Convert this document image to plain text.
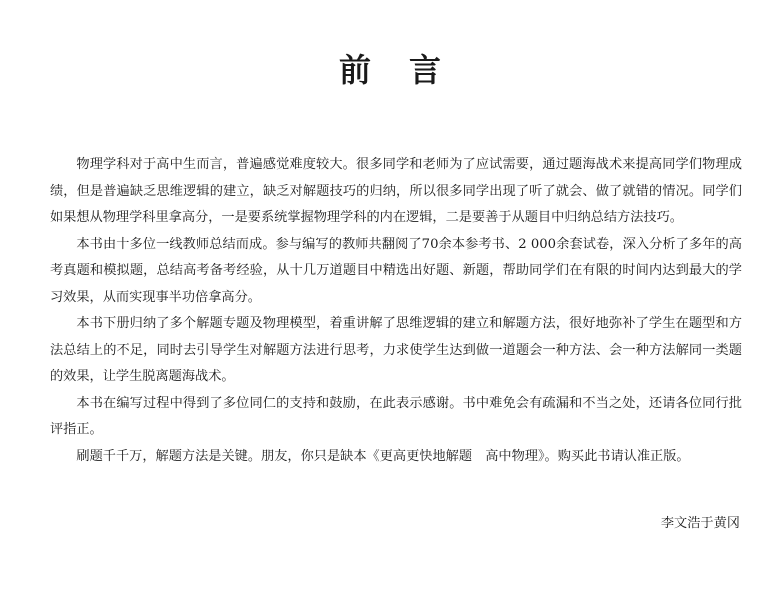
前 言

物理学科对于高中生而言，普遍感觉难度较大。很多同学和老师为了应试需要，通过题海战术来提高同学们物理成绩，但是普遍缺乏思维逻辑的建立，缺乏对解题技巧的归纳，所以很多同学出现了听了就会、做了就错的情况。同学们如果想从物理学科里拿高分，一是要系统掌握物理学科的内在逻辑，二是要善于从题目中归纳总结方法技巧。

本书由十多位一线教师总结而成。参与编写的教师共翻阅了70余本参考书、2 000余套试卷，深入分析了多年的高考真题和模拟题，总结高考备考经验，从十几万道题目中精选出好题、新题，帮助同学们在有限的时间内达到最大的学习效果，从而实现事半功倍拿高分。

本书下册归纳了多个解题专题及物理模型，着重讲解了思维逻辑的建立和解题方法，很好地弥补了学生在题型和方法总结上的不足，同时去引导学生对解题方法进行思考，力求使学生达到做一道题会一种方法、会一种方法解同一类题的效果，让学生脱离题海战术。

本书在编写过程中得到了多位同仁的支持和鼓励，在此表示感谢。书中难免会有疏漏和不当之处，还请各位同行批评指正。

刷题千千万，解题方法是关键。朋友，你只是缺本《更高更快地解题　高中物理》。购买此书请认准正版。

李文浩于黄冈
